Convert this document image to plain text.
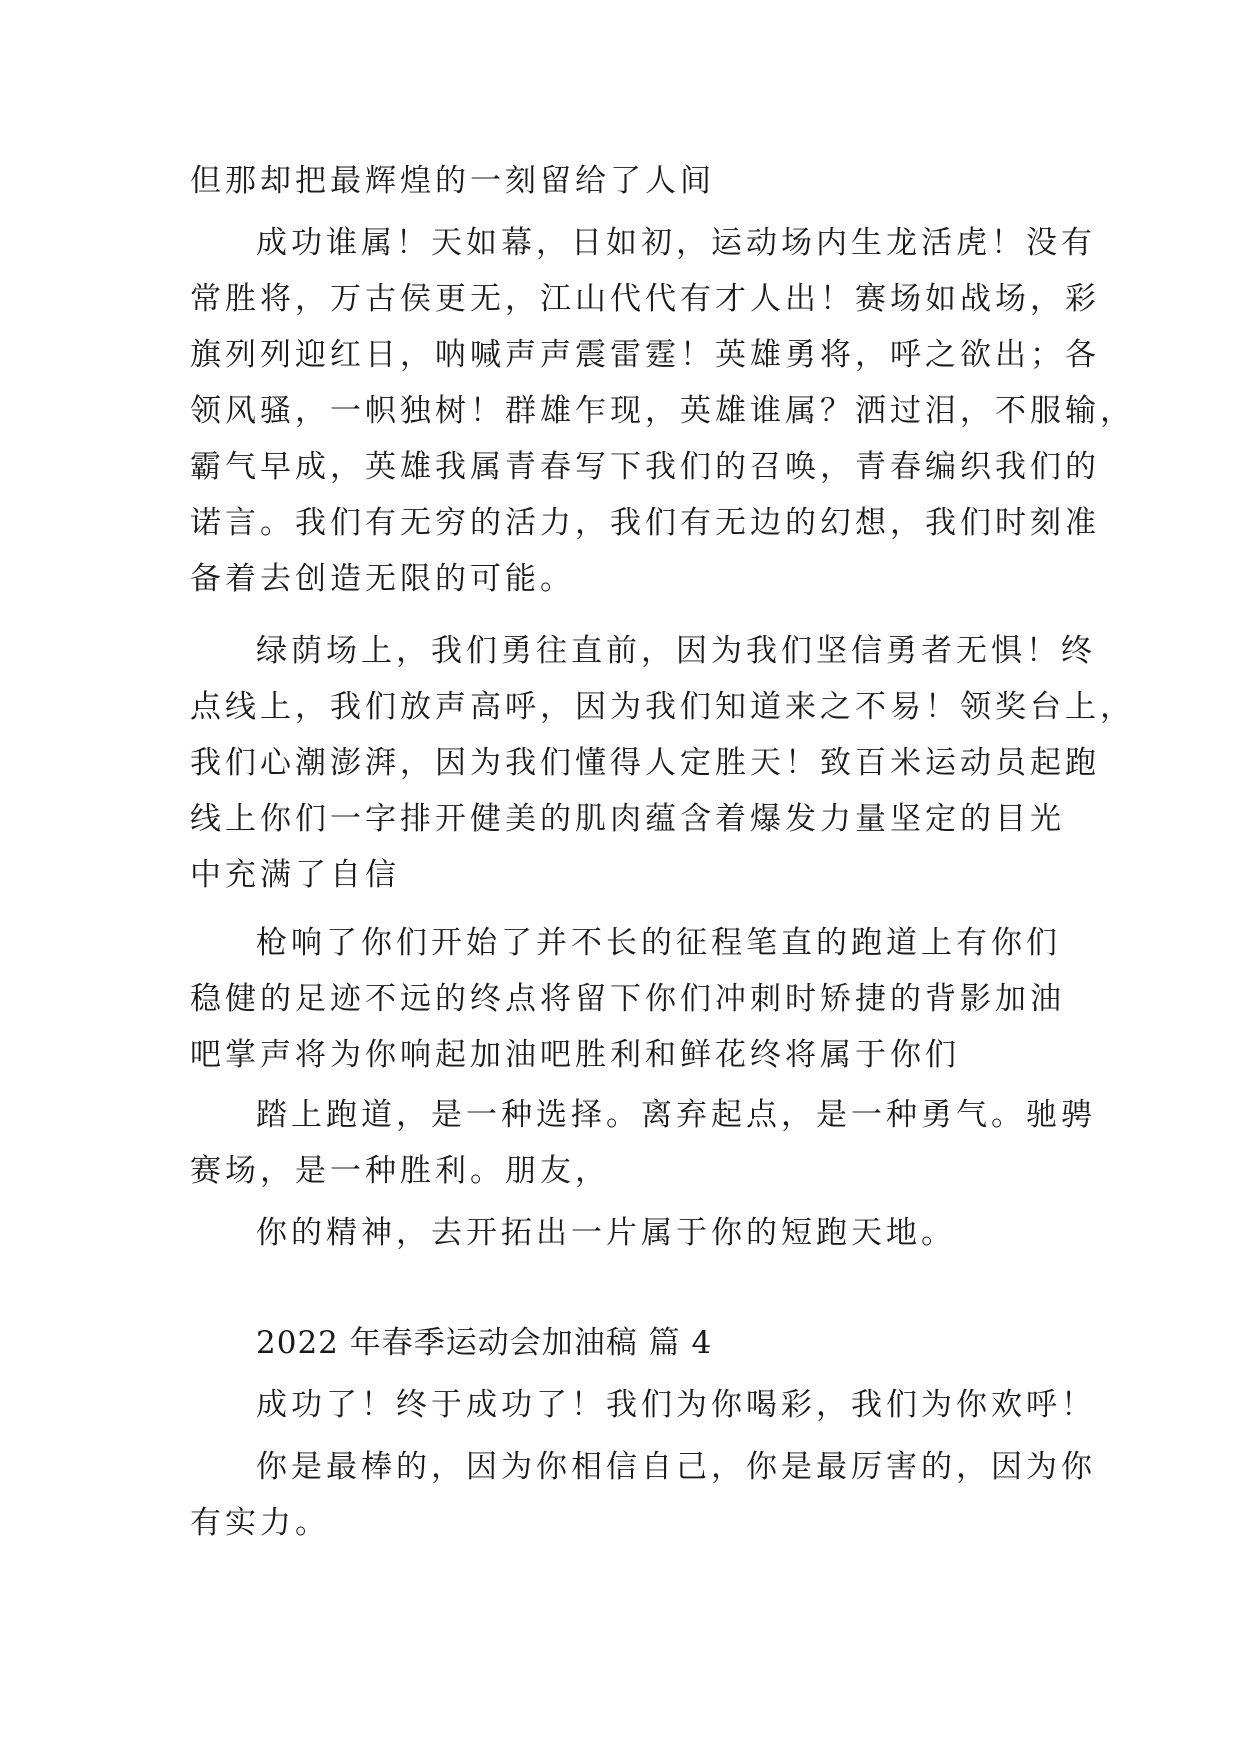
但那却把最辉煌的一刻留给了人间
成功谁属！天如幕，日如初，运动场内生龙活虎！没有
常胜将，万古侯更无，江山代代有才人出！赛场如战场，彩
旗列列迎红日，呐喊声声震雷霆！英雄勇将，呼之欲出；各
领风骚，一帜独树！群雄乍现，英雄谁属？洒过泪，不服输，
霸气早成，英雄我属青春写下我们的召唤，青春编织我们的
诺言。我们有无穷的活力，我们有无边的幻想，我们时刻准
备着去创造无限的可能。
绿荫场上，我们勇往直前，因为我们坚信勇者无惧！终
点线上，我们放声高呼，因为我们知道来之不易！领奖台上，
我们心潮澎湃，因为我们懂得人定胜天！致百米运动员起跑
线上你们一字排开健美的肌肉蕴含着爆发力量坚定的目光
中充满了自信
枪响了你们开始了并不长的征程笔直的跑道上有你们
稳健的足迹不远的终点将留下你们冲刺时矫捷的背影加油
吧掌声将为你响起加油吧胜利和鲜花终将属于你们
踏上跑道，是一种选择。离弃起点，是一种勇气。驰骋
赛场，是一种胜利。朋友，
你的精神，去开拓出一片属于你的短跑天地。
2022 年春季运动会加油稿 篇 4
成功了！终于成功了！我们为你喝彩，我们为你欢呼！
你是最棒的，因为你相信自己，你是最厉害的，因为你
有实力。
